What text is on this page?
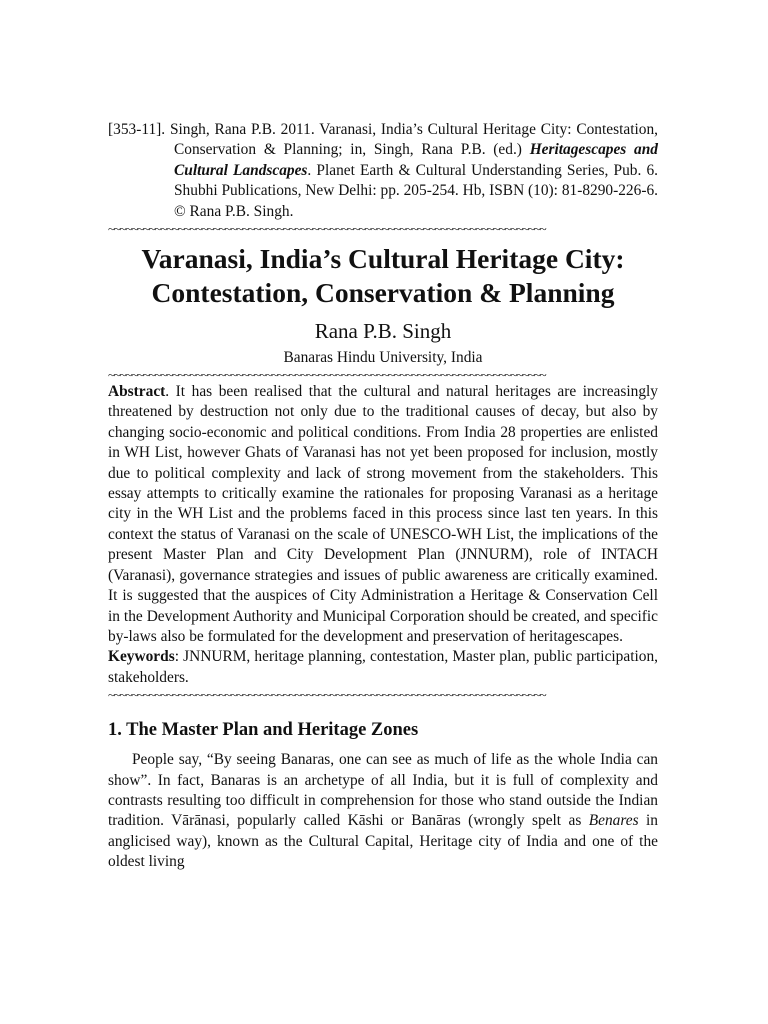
[353-11]. Singh, Rana P.B. 2011. Varanasi, India’s Cultural Heritage City: Contestation, Conservation & Planning; in, Singh, Rana P.B. (ed.) Heritagescapes and Cultural Landscapes. Planet Earth & Cultural Understanding Series, Pub. 6. Shubhi Publications, New Delhi: pp. 205-254. Hb, ISBN (10): 81-8290-226-6. © Rana P.B. Singh.
~~~~~~~~~~~~~~~~~~~~~~~~~~~~~~~~~~~~~~~~~~~~~~~~~~~~~~~~~~~~~~~~~~~~~~~~~~~
Varanasi, India’s Cultural Heritage City:
Contestation, Conservation & Planning
Rana P.B. Singh
Banaras Hindu University, India
~~~~~~~~~~~~~~~~~~~~~~~~~~~~~~~~~~~~~~~~~~~~~~~~~~~~~~~~~~~~~~~~~~~~~~~~~~~
Abstract. It has been realised that the cultural and natural heritages are increasingly threatened by destruction not only due to the traditional causes of decay, but also by changing socio-economic and political conditions. From India 28 properties are enlisted in WH List, however Ghats of Varanasi has not yet been proposed for inclusion, mostly due to political complexity and lack of strong movement from the stakeholders. This essay attempts to critically examine the rationales for proposing Varanasi as a heritage city in the WH List and the problems faced in this process since last ten years. In this context the status of Varanasi on the scale of UNESCO-WH List, the implications of the present Master Plan and City Development Plan (JNNURM), role of INTACH (Varanasi), governance strategies and issues of public awareness are critically examined. It is suggested that the auspices of City Administration a Heritage & Conservation Cell in the Development Authority and Municipal Corporation should be created, and specific by-laws also be formulated for the development and preservation of heritagescapes.
Keywords: JNNURM, heritage planning, contestation, Master plan, public participation, stakeholders.
~~~~~~~~~~~~~~~~~~~~~~~~~~~~~~~~~~~~~~~~~~~~~~~~~~~~~~~~~~~~~~~~~~~~~~~~~~~
1. The Master Plan and Heritage Zones
People say, “By seeing Banaras, one can see as much of life as the whole India can show”. In fact, Banaras is an archetype of all India, but it is full of complexity and contrasts resulting too difficult in comprehension for those who stand outside the Indian tradition. Vārānasi, popularly called Kāshi or Banāras (wrongly spelt as Benares in anglicised way), known as the Cultural Capital, Heritage city of India and one of the oldest living
